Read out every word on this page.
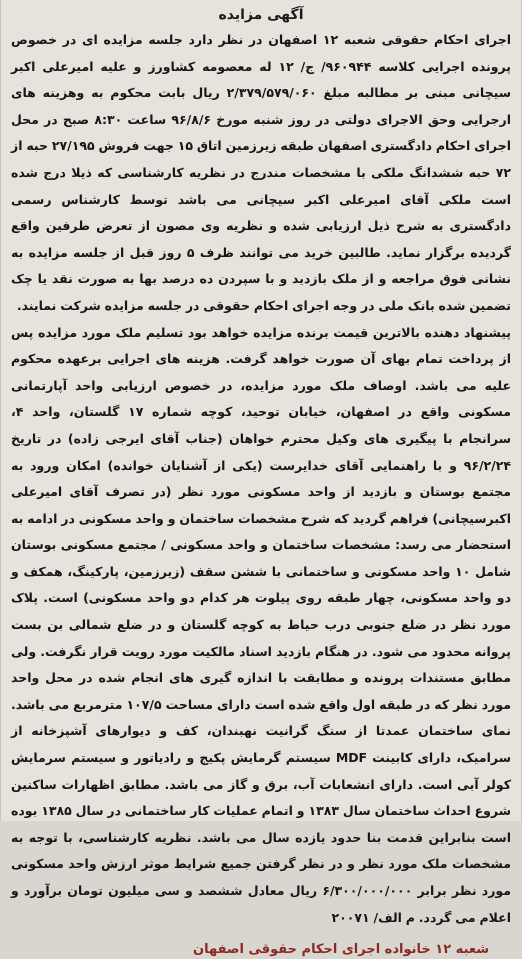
آگهی مزایده

اجرای احکام حقوقی شعبه ۱۲ اصفهان در نظر دارد جلسه مزایده ای در خصوص پرونده اجرایی کلاسه ۹۶۰۹۴۴/ ج/ ۱۲ له معصومه کشاورز و علیه امیرعلی اکبر سیچانی مبنی بر مطالبه مبلغ ۲/۳۷۹/۵۷۹/۰۶۰ ریال بابت محکوم به وهزینه های ارجرایی وحق الاجرای دولتی در روز شنبه مورخ ۹۶/۸/۶ ساعت ۸:۳۰ صبح در محل اجرای احکام دادگستری اصفهان طبقه زیرزمین اتاق ۱۵ جهت فروش ۲۷/۱۹۵ حبه از ۷۲ حبه ششدانگ ملکی با مشخصات مندرج در نظریه کارشناسی که ذیلا درج شده است ملکی آقای امیرعلی اکبر سیچانی می باشد توسط کارشناس رسمی دادگستری به شرح ذیل ارزیابی شده و نظریه وی مصون از تعرض طرفین واقع گردیده برگزار نماید. طالبین خرید می توانند ظرف ۵ روز قبل از جلسه مزایده به نشانی فوق مراجعه و از ملک بازدید و با سپردن ده درصد بها به صورت نقد یا چک تضمین شده بانک ملی در وجه اجرای احکام حقوقی در جلسه مزایده شرکت نمایند.

پیشنهاد دهنده بالاترین قیمت برنده مزایده خواهد بود تسلیم ملک مورد مزایده پس از پرداخت تمام بهای آن صورت خواهد گرفت. هزینه های اجرایی برعهده محکوم علیه می باشد. اوصاف ملک مورد مزایده، در خصوص ارزیابی واحد آپارتمانی مسکونی واقع در اصفهان، خیابان توحید، کوچه شماره ۱۷ گلستان، واحد ۴، سرانجام با پیگیری های وکیل محترم خواهان (جناب آقای ایرجی زاده) در تاریخ ۹۶/۲/۲۴ و با راهنمایی آقای خدایرست (یکی از آشنایان خوانده) امکان ورود به مجتمع بوستان و بازدید از واحد مسکونی مورد نظر (در تصرف آقای امیرعلی اکبرسیچانی) فراهم گردید که شرح مشخصات ساختمان و واحد مسکونی در ادامه به استحضار می رسد: مشخصات ساختمان و واحد مسکونی / مجتمع مسکونی بوستان شامل ۱۰ واحد مسکونی و ساختمانی با ششن سقف (زیرزمین، پارکینگ، همکف و دو واحد مسکونی، چهار طبقه روی پیلوت هر کدام دو واحد مسکونی) است. پلاک مورد نظر در ضلع جنوبی درب حیاط به کوچه گلستان و در ضلع شمالی بن بست پروانه محدود می شود. در هنگام بازدید اسناد مالکیت مورد رویت قرار نگرفت. ولی مطابق مستندات پرونده و مطابقت با اندازه گیری های انجام شده در محل واحد مورد نظر که در طبقه اول واقع شده است دارای مساحت ۱۰۷/۵ مترمربع می باشد. نمای ساختمان عمدتا از سنگ گرانیت نهبندان، کف و دیوارهای آشپزخانه از سرامیک، دارای کابینت MDF سیستم گرمایش پکیج و رادیاتور و سیستم سرمایش کولر آبی است. دارای انشعابات آب، برق و گاز می باشد. مطابق اظهارات ساکنین شروع احداث ساختمان سال ۱۳۸۳ و اتمام عملیات کار ساختمانی در سال ۱۳۸۵ بوده است بنابراین قدمت بنا حدود یازده سال می باشد. نظریه کارشناسی، با توجه به مشخصات ملک مورد نظر و در نظر گرفتن جمیع شرایط موثر ارزش واحد مسکونی مورد نظر برابر ۶/۳۰۰/۰۰۰/۰۰۰ ریال معادل ششصد و سی میلیون تومان برآورد و اعلام می گردد. م الف/ ۲۰۰۷۱

شعبه ۱۲ خانواده اجرای احکام حقوقی اصفهان
